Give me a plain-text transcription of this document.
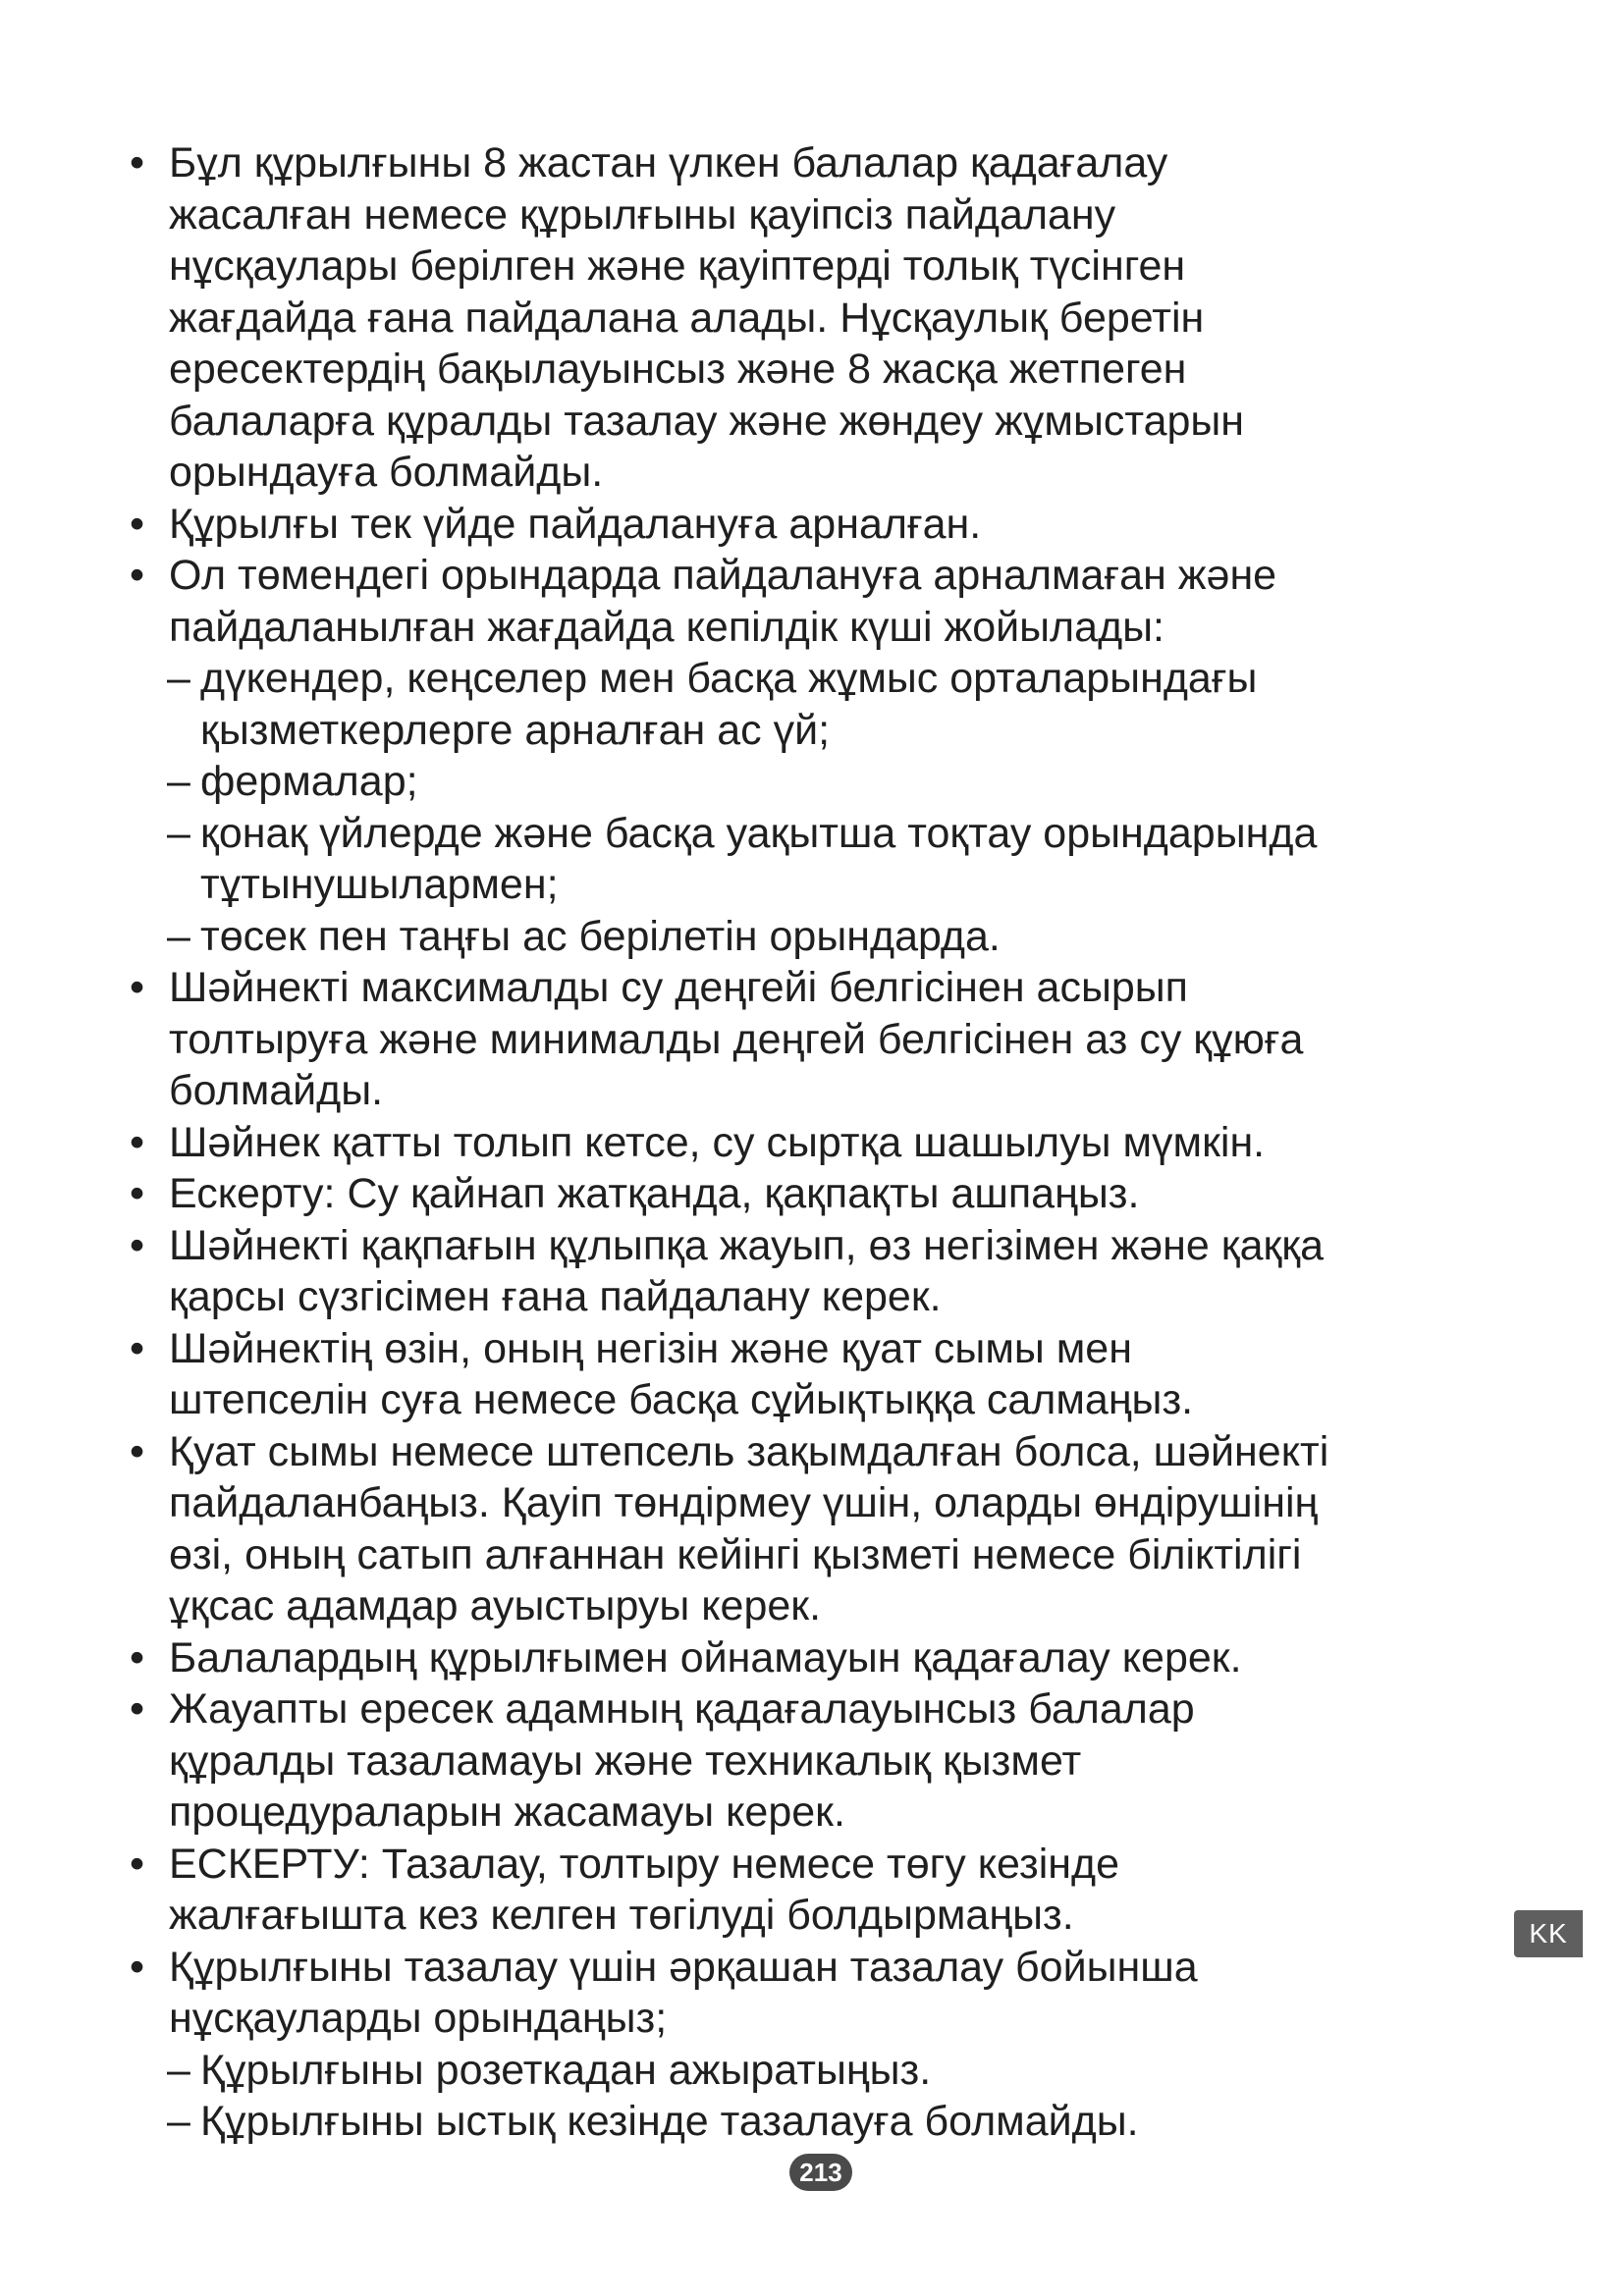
• Бұл құрылғыны 8 жастан үлкен балалар қадағалау
жасалған немесе құрылғыны қауіпсіз пайдалану
нұсқаулары берілген және қауіптерді толық түсінген
жағдайда ғана пайдалана алады. Нұсқаулық беретін
ересектердің бақылауынсыз және 8 жасқа жетпеген
балаларға құралды тазалау және жөндеу жұмыстарын
орындауға болмайды.
• Құрылғы тек үйде пайдалануға арналған.
• Ол төмендегі орындарда пайдалануға арналмаған және
пайдаланылған жағдайда кепілдік күші жойылады:
– дүкендер, кеңселер мен басқа жұмыс орталарындағы
қызметкерлерге арналған ас үй;
– фермалар;
– қонақ үйлерде және басқа уақытша тоқтау орындарында
тұтынушылармен;
– төсек пен таңғы ас берілетін орындарда.
• Шәйнекті максималды су деңгейі белгісінен асырып
толтыруға және минималды деңгей белгісінен аз су құюға
болмайды.
• Шәйнек қатты толып кетсе, су сыртқа шашылуы мүмкін.
• Ескерту: Су қайнап жатқанда, қақпақты ашпаңыз.
• Шәйнекті қақпағын құлыпқа жауып, өз негізімен және қаққа
қарсы сүзгісімен ғана пайдалану керек.
• Шәйнектің өзін, оның негізін және қуат сымы мен
штепселін суға немесе басқа сұйықтыққа салмаңыз.
• Қуат сымы немесе штепсель зақымдалған болса, шәйнекті
пайдаланбаңыз. Қауіп төндірмеу үшін, оларды өндірушінің
өзі, оның сатып алғаннан кейінгі қызметі немесе біліктілігі
ұқсас адамдар ауыстыруы керек.
• Балалардың құрылғымен ойнамауын қадағалау керек.
• Жауапты ересек адамның қадағалауынсыз балалар
құралды тазаламауы және техникалық қызмет
процедураларын жасамауы керек.
• ЕСКЕРТУ: Тазалау, толтыру немесе төгу кезінде
жалғағышта кез келген төгілуді болдырмаңыз.
• Құрылғыны тазалау үшін әрқашан тазалау бойынша
нұсқауларды орындаңыз;
– Құрылғыны розеткадан ажыратыңыз.
– Құрылғыны ыстық кезінде тазалауға болмайды.
KK
213
